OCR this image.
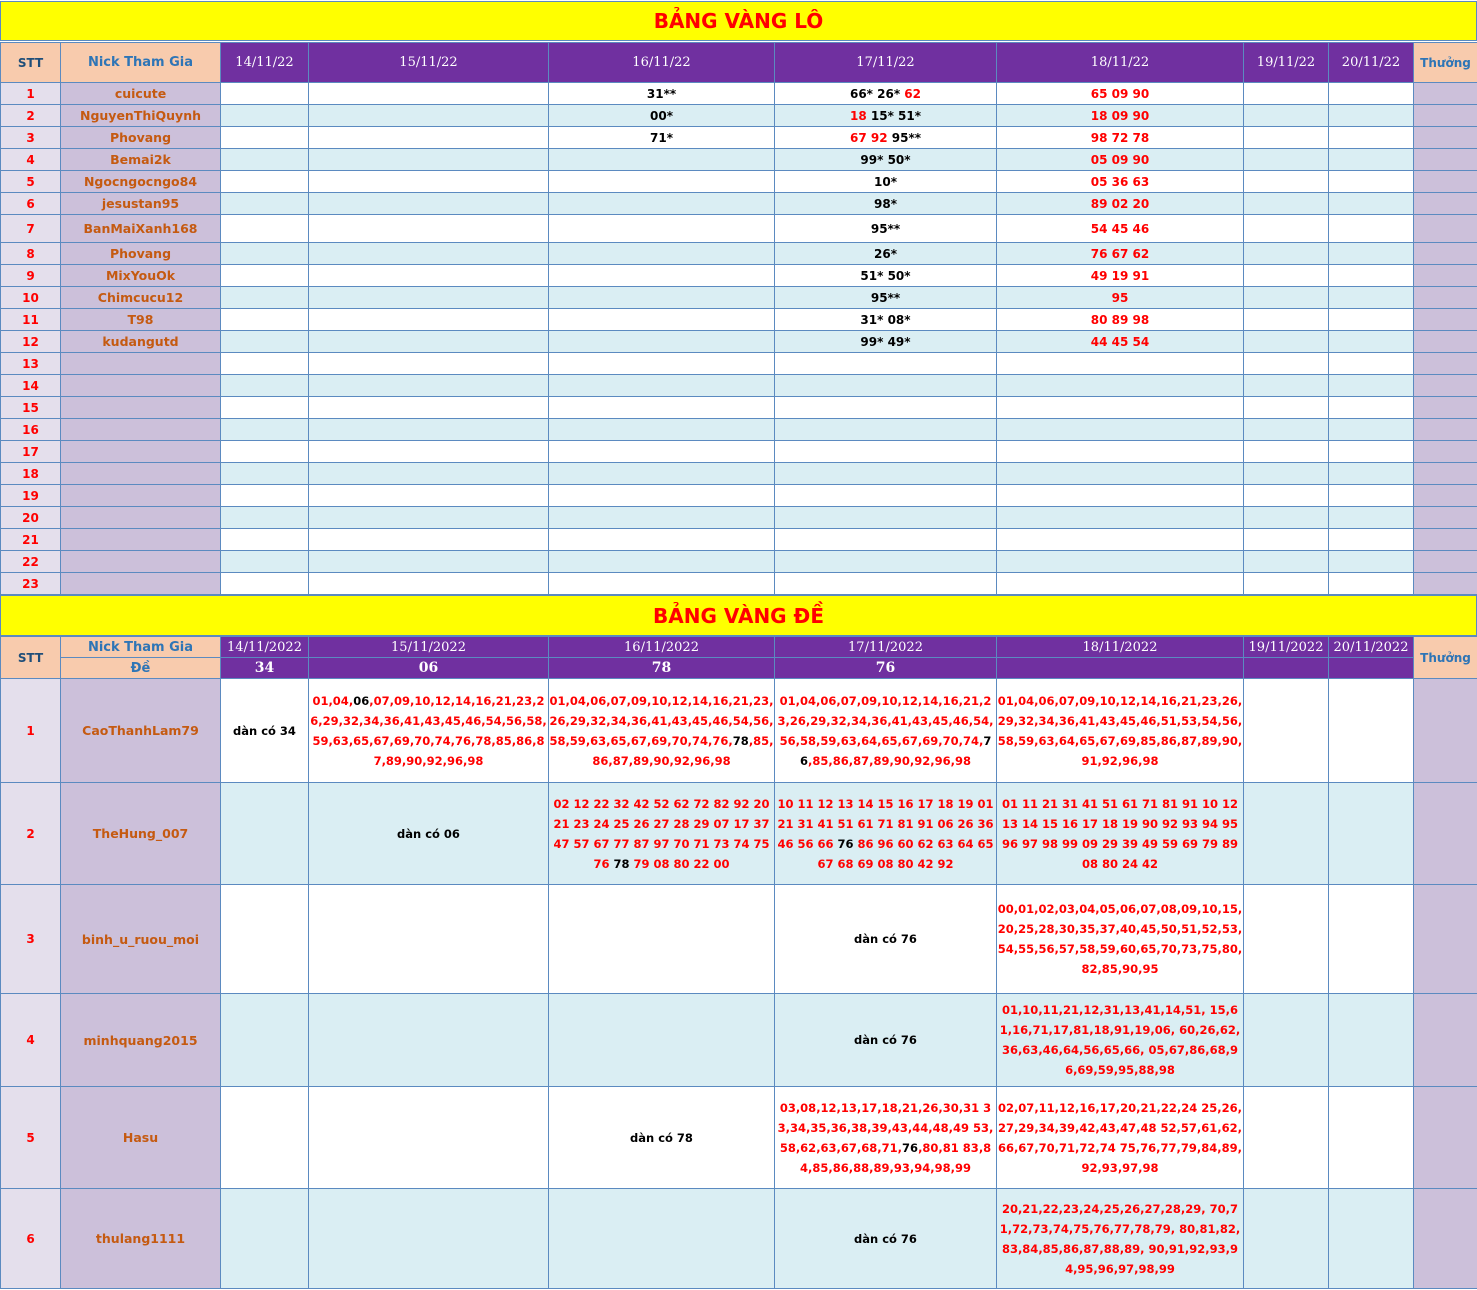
BẢNG VÀNG LÔ
STT	Nick Tham Gia	14/11/22	15/11/22	16/11/22	17/11/22	18/11/22	19/11/22	20/11/22	Thưởng
1	cuicute			31**	66* 26* 62	65 09 90			
2	NguyenThiQuynh			00*	18 15* 51*	18 09 90			
3	Phovang			71*	67 92 95**	98 72 78			
4	Bemai2k				99* 50*	05 09 90			
5	Ngocngocngo84				10*	05 36 63			
6	jesustan95				98*	89 02 20			
7	BanMaiXanh168				95**	54 45 46			
8	Phovang				26*	76 67 62			
9	MixYouOk				51* 50*	49 19 91			
10	Chimcucu12				95**	95			
11	T98				31* 08*	80 89 98			
12	kudangutd				99* 49*	44 45 54			
13									
14									
15									
16									
17									
18									
19									
20									
21									
22									
23									
BẢNG VÀNG ĐỀ
STT	Nick Tham Gia	14/11/2022	15/11/2022	16/11/2022	17/11/2022	18/11/2022	19/11/2022	20/11/2022	Thưởng
	Đề	34	06	78	76				
1	CaoThanhLam79	dàn có 34	01,04,06,07,09,10,12,14,16,21,23,26,29,32,34,36,41,43,45,46,54,56,58,59,63,65,67,69,70,74,76,78,85,86,87,89,90,92,96,98	01,04,06,07,09,10,12,14,16,21,23,26,29,32,34,36,41,43,45,46,54,56,58,59,63,65,67,69,70,74,76,78,85,86,87,89,90,92,96,98	01,04,06,07,09,10,12,14,16,21,23,26,29,32,34,36,41,43,45,46,54,56,58,59,63,64,65,67,69,70,74,76,85,86,87,89,90,92,96,98	01,04,06,07,09,10,12,14,16,21,23,26,29,32,34,36,41,43,45,46,51,53,54,56,58,59,63,64,65,67,69,85,86,87,89,90,91,92,96,98			

2	TheHung_007		dàn có 06	02 12 22 32 42 52 62 72 82 92 20 21 23 24 25 26 27 28 29 07 17 37 47 57 67 77 87 97 70 71 73 74 75 76 78 79 08 80 22 00	10 11 12 13 14 15 16 17 18 19 01 21 31 41 51 61 71 81 91 06 26 36 46 56 66 76 86 96 60 62 63 64 65 67 68 69 08 80 42 92	01 11 21 31 41 51 61 71 81 91 10 12 13 14 15 16 17 18 19 90 92 93 94 95 96 97 98 99 09 29 39 49 59 69 79 89 08 80 24 42			

3	binh_u_ruou_moi				dàn có 76	00,01,02,03,04,05,06,07,08,09,10,15,20,25,28,30,35,37,40,45,50,51,52,53,54,55,56,57,58,59,60,65,70,73,75,80,82,85,90,95			

4	minhquang2015				dàn có 76	01,10,11,21,12,31,13,41,14,51, 15,61,16,71,17,81,18,91,19,06, 60,26,62,36,63,46,64,56,65,66, 05,67,86,68,96,69,59,95,88,98			

5	Hasu			dàn có 78	03,08,12,13,17,18,21,26,30,31 33,34,35,36,38,39,43,44,48,49 53,58,62,63,67,68,71,76,80,81 83,84,85,86,88,89,93,94,98,99	02,07,11,12,16,17,20,21,22,24 25,26,27,29,34,39,42,43,47,48 52,57,61,62,66,67,70,71,72,74 75,76,77,79,84,89,92,93,97,98			

6	thulang1111				dàn có 76	20,21,22,23,24,25,26,27,28,29, 70,71,72,73,74,75,76,77,78,79, 80,81,82,83,84,85,86,87,88,89, 90,91,92,93,94,95,96,97,98,99			
